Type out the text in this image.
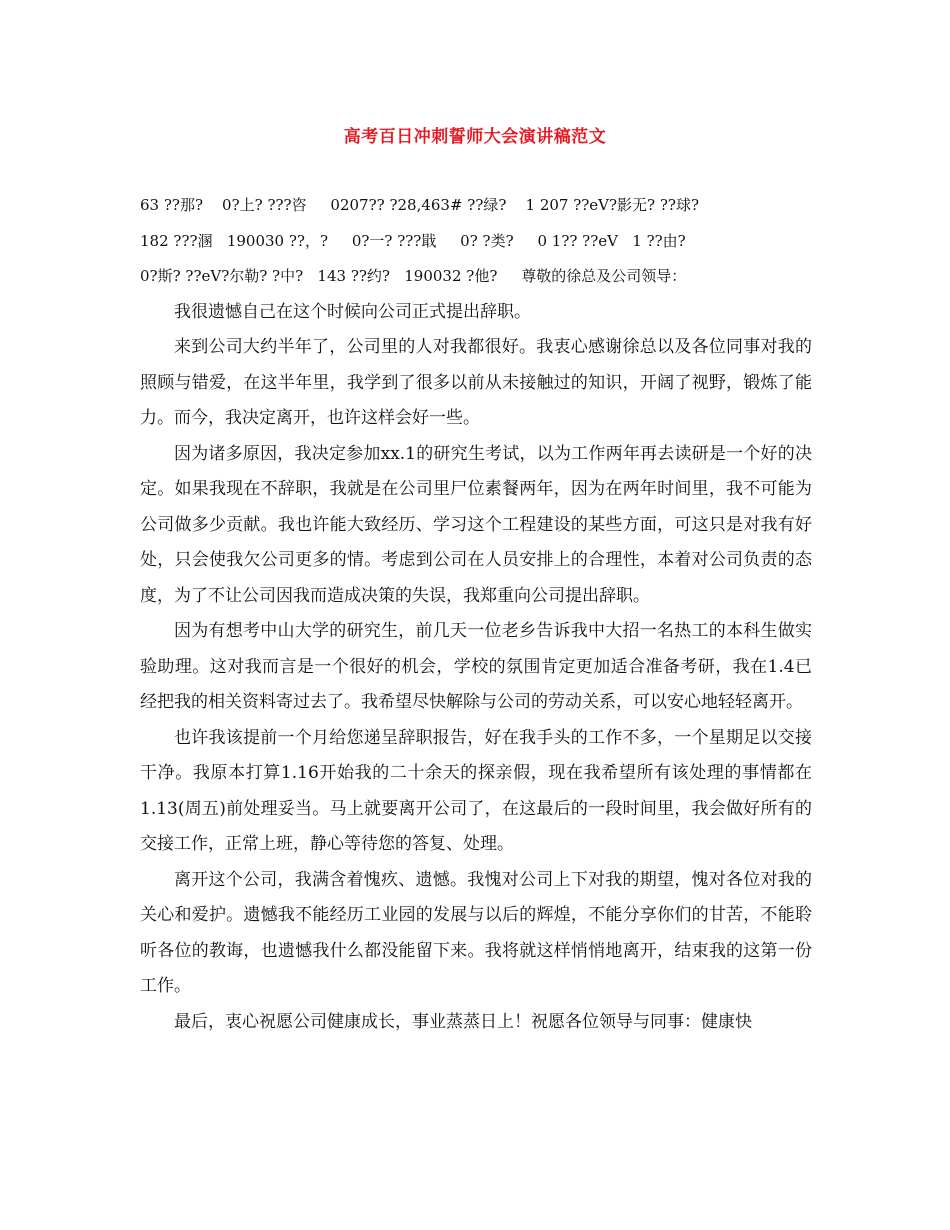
高考百日冲刺誓师大会演讲稿范文

63 ??那?    0?上? ???咨     0207?? ?28,463# ??绿?    1 207 ??eV?影无? ??球?

182 ???溷   190030 ??，?     0?一? ???戢     0? ?类?     0 1?? ??eV   1 ??由?

0?斯? ??eV?尔勒? ?中?   143 ??约?   190032 ?他?     尊敬的徐总及公司领导：

我很遗憾自己在这个时候向公司正式提出辞职。

来到公司大约半年了，公司里的人对我都很好。我衷心感谢徐总以及各位同事对我的照顾与错爱，在这半年里，我学到了很多以前从未接触过的知识，开阔了视野，锻炼了能力。而今，我决定离开，也许这样会好一些。

因为诸多原因，我决定参加xx.1的研究生考试，以为工作两年再去读研是一个好的决定。如果我现在不辞职，我就是在公司里尸位素餐两年，因为在两年时间里，我不可能为公司做多少贡献。我也许能大致经历、学习这个工程建设的某些方面，可这只是对我有好处，只会使我欠公司更多的情。考虑到公司在人员安排上的合理性，本着对公司负责的态度，为了不让公司因我而造成决策的失误，我郑重向公司提出辞职。

因为有想考中山大学的研究生，前几天一位老乡告诉我中大招一名热工的本科生做实验助理。这对我而言是一个很好的机会，学校的氛围肯定更加适合准备考研，我在1.4已经把我的相关资料寄过去了。我希望尽快解除与公司的劳动关系，可以安心地轻轻离开。

也许我该提前一个月给您递呈辞职报告，好在我手头的工作不多，一个星期足以交接干净。我原本打算1.16开始我的二十余天的探亲假，现在我希望所有该处理的事情都在1.13(周五)前处理妥当。马上就要离开公司了，在这最后的一段时间里，我会做好所有的交接工作，正常上班，静心等待您的答复、处理。

离开这个公司，我满含着愧疚、遗憾。我愧对公司上下对我的期望，愧对各位对我的关心和爱护。遗憾我不能经历工业园的发展与以后的辉煌，不能分享你们的甘苦，不能聆听各位的教诲，也遗憾我什么都没能留下来。我将就这样悄悄地离开，结束我的这第一份工作。

最后，衷心祝愿公司健康成长，事业蒸蒸日上！祝愿各位领导与同事：健康快
